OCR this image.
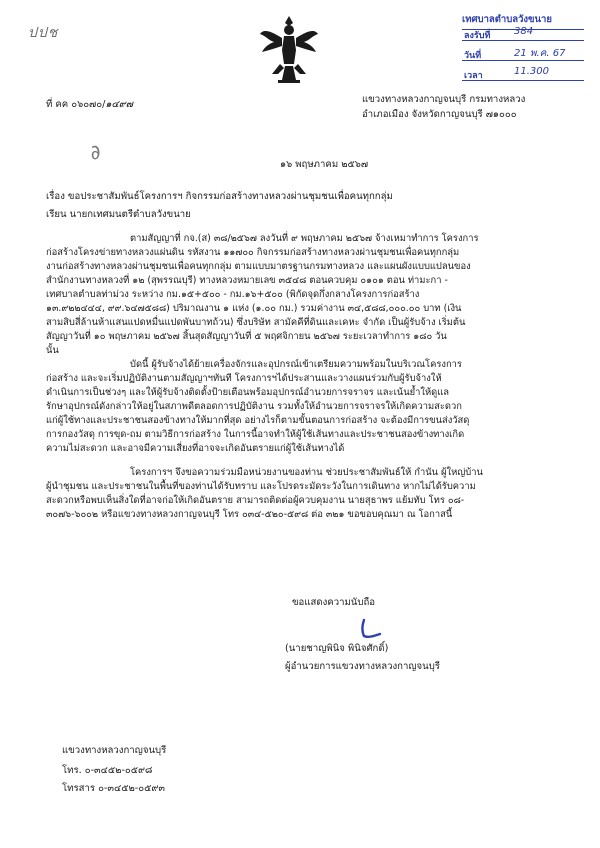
ปปช
เทศบาลตำบลวังขนาย
ลงรับที่ 384
วันที่	21 พ.ค. 67
เวลา	11.300
ที่ คค ๐๖๐๗๐/๑๔๙๗	แขวงทางหลวงกาญจนบุรี กรมทางหลวง
อำเภอเมือง จังหวัดกาญจนบุรี ๗๑๐๐๐
∂	๑๖ พฤษภาคม ๒๕๖๗
เรื่อง ขอประชาสัมพันธ์โครงการฯ กิจกรรมก่อสร้างทางหลวงผ่านชุมชนเพื่อคนทุกกลุ่ม
เรียน นายกเทศมนตรีตำบลวังขนาย
ตามสัญญาที่ กจ.(ส) ๓๘/๒๕๖๗ ลงวันที่ ๙ พฤษภาคม ๒๕๖๗ จ้างเหมาทำการ โครงการ
ก่อสร้างโครงข่ายทางหลวงแผ่นดิน รหัสงาน ๑๑๗๐๐ กิจกรรมก่อสร้างทางหลวงผ่านชุมชนเพื่อคนทุกกลุ่ม
งานก่อสร้างทางหลวงผ่านชุมชนเพื่อคนทุกกลุ่ม ตามแบบมาตรฐานกรมทางหลวง และแผนผังแบบแปลนของ
สำนักงานทางหลวงที่ ๑๒ (สุพรรณบุรี) ทางหลวงหมายเลข ๓๕๔๘ ตอนควบคุม ๐๑๐๑ ตอน ท่ามะกา -
เทศบาลตำบลท่าม่วง ระหว่าง กม.๑๕+๕๐๐ - กม.๑๖+๕๐๐ (พิกัดจุดกึ่งกลางโครงการก่อสร้าง
๑๓.๙๒๒๔๔๔, ๙๙.๖๔๗๕๘๘) ปริมาณงาน ๑ แห่ง (๑.๐๐ กม.) รวมค่างาน ๓๔,๕๘๘,๐๐๐.๐๐ บาท (เงิน
สามสิบสี่ล้านห้าแสนแปดหมื่นแปดพันบาทถ้วน) ซึ่งบริษัท สามัคคีที่ดินและเคหะ จำกัด เป็นผู้รับจ้าง เริ่มต้น
สัญญาวันที่ ๑๐ พฤษภาคม ๒๕๖๗ สิ้นสุดสัญญาวันที่ ๕ พฤศจิกายน ๒๕๖๗ ระยะเวลาทำการ ๑๘๐ วัน
นั้น
บัดนี้ ผู้รับจ้างได้ย้ายเครื่องจักรและอุปกรณ์เข้าเตรียมความพร้อมในบริเวณโครงการ
ก่อสร้าง และจะเริ่มปฏิบัติงานตามสัญญาฯทันที โครงการฯได้ประสานและวางแผนร่วมกับผู้รับจ้างให้
ดำเนินการเป็นช่วงๆ และให้ผู้รับจ้างติดตั้งป้ายเตือนพร้อมอุปกรณ์อำนวยการจราจร และเน้นย้ำให้ดูแล
รักษาอุปกรณ์ดังกล่าวให้อยู่ในสภาพดีตลอดการปฏิบัติงาน รวมทั้งให้อำนวยการจราจรให้เกิดความสะดวก
แก่ผู้ใช้ทางและประชาชนสองข้างทางให้มากที่สุด อย่างไรก็ตามขั้นตอนการก่อสร้าง จะต้องมีการขนส่งวัสดุ
การกองวัสดุ การขุด-ถม ตามวิธีการก่อสร้าง ในการนี้อาจทำให้ผู้ใช้เส้นทางและประชาชนสองข้างทางเกิด
ความไม่สะดวก และอาจมีความเสี่ยงที่อาจจะเกิดอันตรายแก่ผู้ใช้เส้นทางได้
โครงการฯ จึงขอความร่วมมือหน่วยงานของท่าน ช่วยประชาสัมพันธ์ให้ กำนัน ผู้ใหญ่บ้าน
ผู้นำชุมชน และประชาชนในพื้นที่ของท่านได้รับทราบ และโปรดระมัดระวังในการเดินทาง หากไม่ได้รับความ
สะดวกหรือพบเห็นสิ่งใดที่อาจก่อให้เกิดอันตราย สามารถติดต่อผู้ควบคุมงาน นายสุธาพร แย้มทับ โทร ๐๘-
๓๐๗๖-๖๐๐๒ หรือแขวงทางหลวงกาญจนบุรี โทร ๐๓๔-๕๒๐-๕๙๘ ต่อ ๓๒๑ ขอขอบคุณมา ณ โอกาสนี้
ขอแสดงความนับถือ
(นายชาญพินิจ พินิจศักดิ์)
ผู้อำนวยการแขวงทางหลวงกาญจนบุรี
แขวงทางหลวงกาญจนบุรี
โทร. ๐-๓๔๕๒-๐๕๙๘
โทรสาร ๐-๓๔๕๒-๐๕๙๓
